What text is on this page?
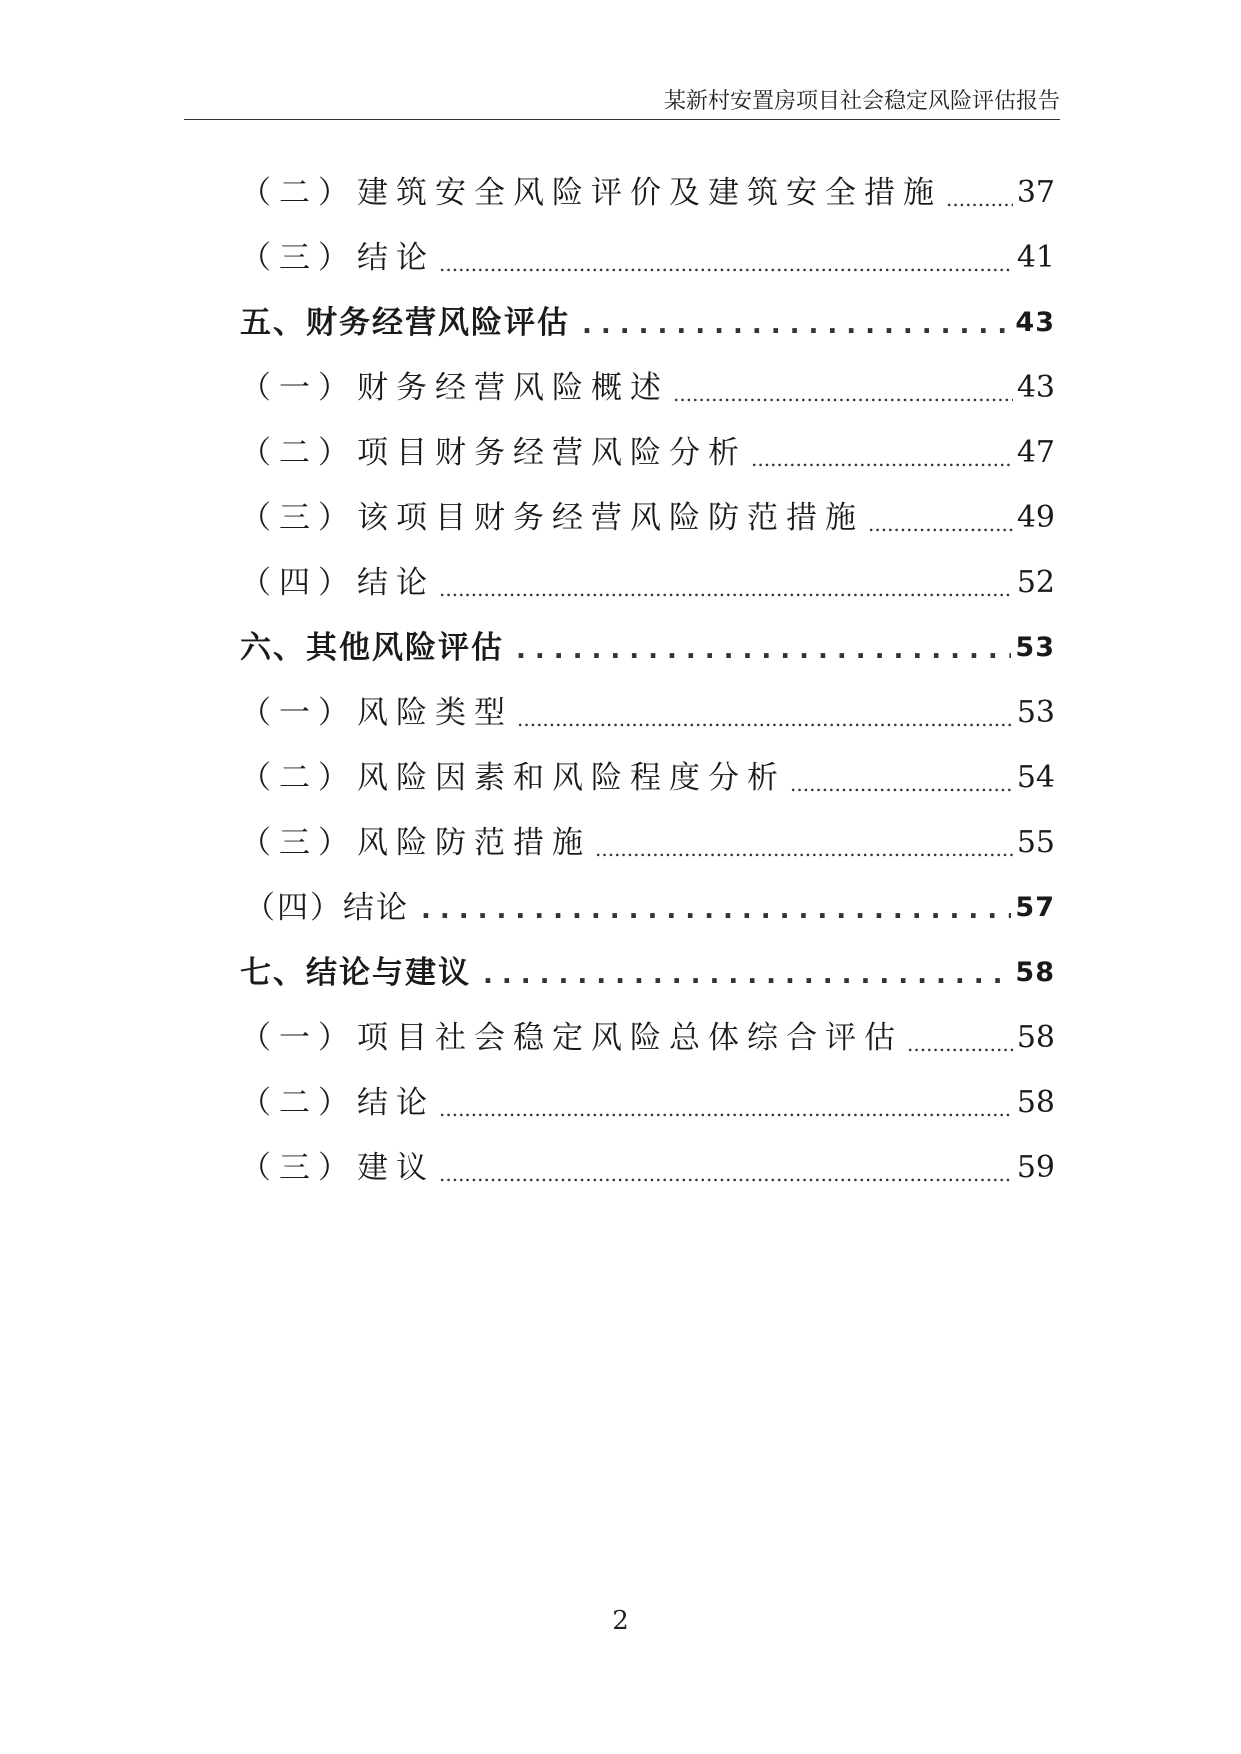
某新村安置房项目社会稳定风险评估报告
（二）建筑安全风险评价及建筑安全措施 ..... 37
（三）结论 .....	41
五、财务经营风险评估 .....	43
（一）财务经营风险概述 .....	43
（二）项目财务经营风险分析 .....	47
（三）该项目财务经营风险防范措施 .....	49
（四）结论 .....	52
六、其他风险评估 .....	53
（一）风险类型 .....	53
（二）风险因素和风险程度分析 .....	54
（三）风险防范措施 .....	55
（四）结论 .....	57
七、结论与建议 .....	58
（一）项目社会稳定风险总体综合评估 .....	58
（二）结论 .....	58
（三）建议 .....	59
2
